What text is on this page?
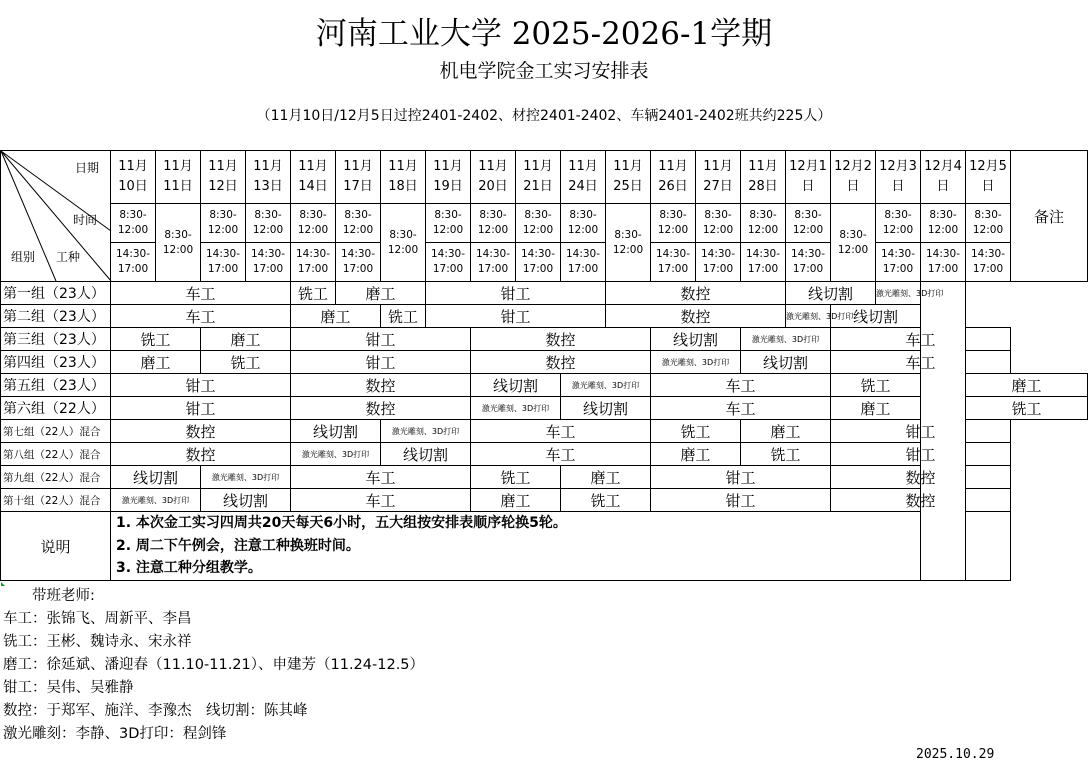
河南工业大学 2025-2026-1学期
机电学院金工实习安排表
（11月10日/12月5日过控2401-2402、材控2401-2402、车辆2401-2402班共约225人）
日期
时间
组别 工种	11月10日	11月11日	11月12日	11月13日	11月14日	11月17日	11月18日	11月19日	11月20日	11月21日	11月24日	11月25日	11月26日	11月27日	11月28日	12月1日	12月2日	12月3日	12月4日	12月5日	备注
	8:30-12:00	8:30-12:00	8:30-12:00	8:30-12:00	8:30-12:00	8:30-12:00	8:30-12:00	8:30-12:00	8:30-12:00	8:30-12:00	8:30-12:00	8:30-12:00	8:30-12:00	8:30-12:00	8:30-12:00	8:30-12:00	8:30-12:00	8:30-12:00	8:30-12:00	8:30-12:00	
	14:30-17:00		14:30-17:00	14:30-17:00	14:30-17:00	14:30-17:00		14:30-17:00	14:30-17:00	14:30-17:00	14:30-17:00		14:30-17:00	14:30-17:00	14:30-17:00	14:30-17:00		14:30-17:00	14:30-17:00	14:30-17:00	
第一组（23人）	车工				铣工	磨工		钳工				数控				线切割		激光雕刻、3D打印			
第二组（23人）	车工				磨工		铣工	钳工				数控				激光雕刻、3D打印	线切割				
第三组（23人）	铣工		磨工		钳工				数控				线切割		激光雕刻、3D打印		车工				
第四组（23人）	磨工		铣工		钳工				数控				激光雕刻、3D打印		线切割		车工				
第五组（23人）	钳工				数控				线切割		激光雕刻、3D打印		车工				铣工			磨工	
第六组（22人）	钳工				数控				激光雕刻、3D打印		线切割		车工				磨工			铣工	
第七组（22人）混合	数控				线切割		激光雕刻、3D打印		车工				铣工		磨工		钳工				
第八组（22人）混合	数控				激光雕刻、3D打印		线切割		车工				磨工		铣工		钳工				
第九组（22人）混合	线切割		激光雕刻、3D打印		车工				铣工		磨工		钳工				数控				
第十组（22人）混合	激光雕刻、3D打印		线切割		车工				磨工		铣工		钳工				数控				
说明	1. 本次金工实习四周共20天每天6小时，五大组按安排表顺序轮换5轮。
2. 周二下午例会，注意工种换班时间。
3. 注意工种分组教学。																				
　　带班老师:
车工：张锦飞、周新平、李昌
铣工：王彬、魏诗永、宋永祥
磨工：徐延斌、潘迎春（11.10-11.21）、申建芳（11.24-12.5）
钳工：吴伟、吴雅静
数控：于郑军、施洋、李豫杰　线切割：陈其峰
激光雕刻：李静、3D打印：程剑锋
2025.10.29
